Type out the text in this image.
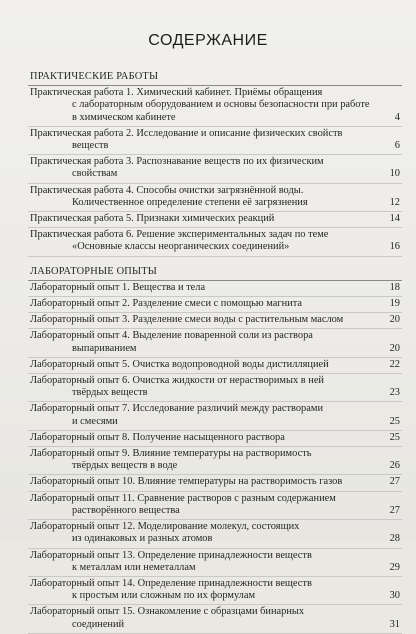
СОДЕРЖАНИЕ
ПРАКТИЧЕСКИЕ РАБОТЫ
Практическая работа 1. Химический кабинет. Приёмы обращения
с лабораторным оборудованием и основы безопасности при работе
в химическом кабинете	4
Практическая работа 2. Исследование и описание физических свойств
веществ	6
Практическая работа 3. Распознавание веществ по их физическим
свойствам	10
Практическая работа 4. Способы очистки загрязнённой воды.
Количественное определение степени её загрязнения	12
Практическая работа 5. Признаки химических реакций	14
Практическая работа 6. Решение экспериментальных задач по теме
«Основные классы неорганических соединений»	16
ЛАБОРАТОРНЫЕ ОПЫТЫ
Лабораторный опыт 1. Вещества и тела	18
Лабораторный опыт 2. Разделение смеси с помощью магнита	19
Лабораторный опыт 3. Разделение смеси воды с растительным маслом	20
Лабораторный опыт 4. Выделение поваренной соли из раствора
выпариванием	20
Лабораторный опыт 5. Очистка водопроводной воды дистилляцией	22
Лабораторный опыт 6. Очистка жидкости от нерастворимых в ней
твёрдых веществ	23
Лабораторный опыт 7. Исследование различий между растворами
и смесями	25
Лабораторный опыт 8. Получение насыщенного раствора	25
Лабораторный опыт 9. Влияние температуры на растворимость
твёрдых веществ в воде	26
Лабораторный опыт 10. Влияние температуры на растворимость газов	27
Лабораторный опыт 11. Сравнение растворов с разным содержанием
растворённого вещества	27
Лабораторный опыт 12. Моделирование молекул, состоящих
из одинаковых и разных атомов	28
Лабораторный опыт 13. Определение принадлежности веществ
к металлам или неметаллам	29
Лабораторный опыт 14. Определение принадлежности веществ
к простым или сложным по их формулам	30
Лабораторный опыт 15. Ознакомление с образцами бинарных
соединений	31
